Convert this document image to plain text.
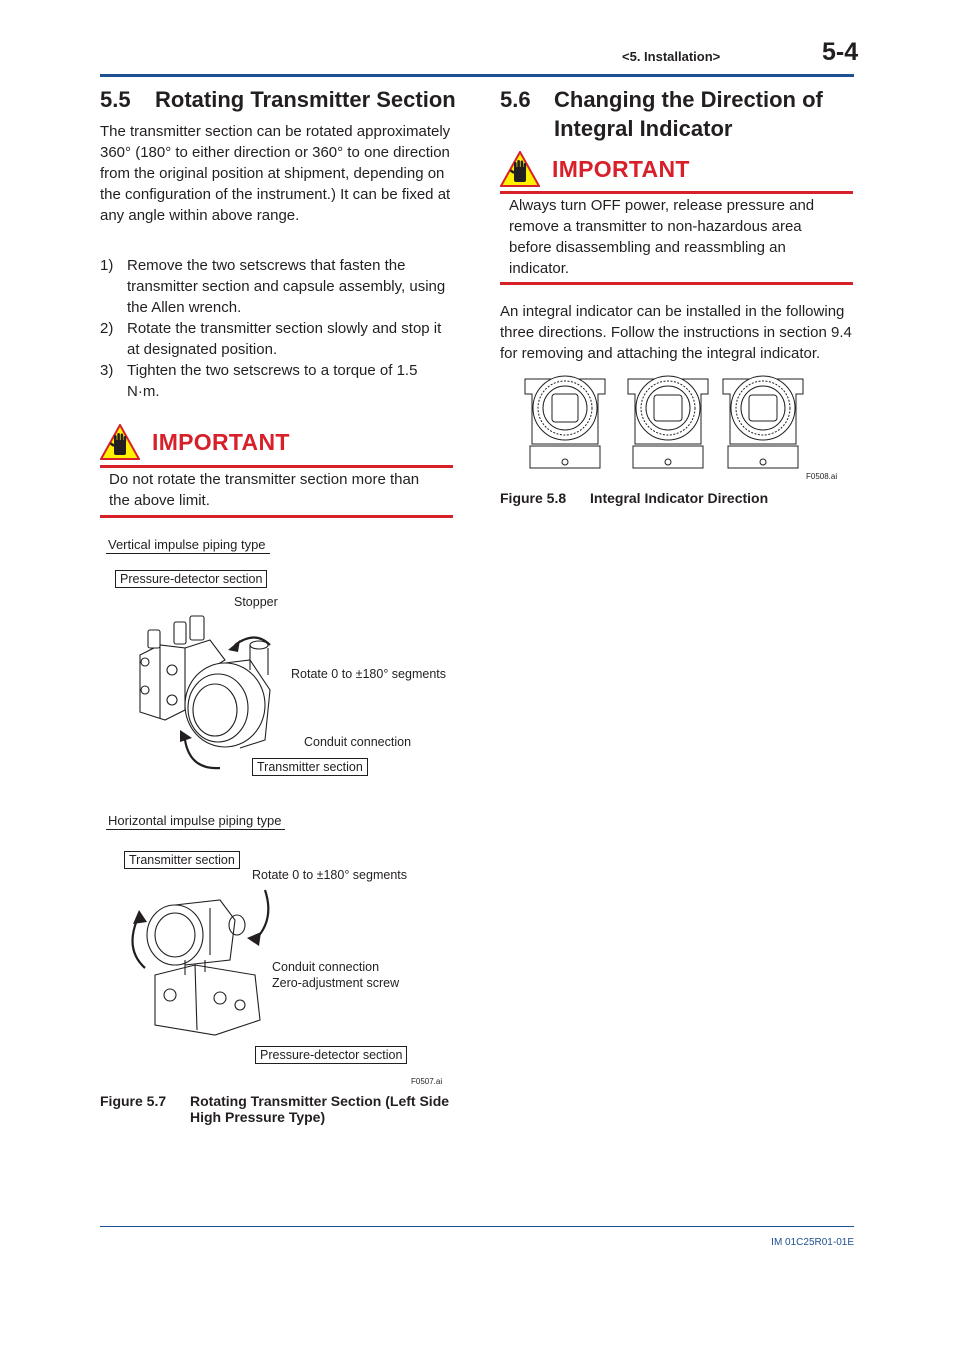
<5. Installation>	5-4
5.5 Rotating Transmitter Section
The transmitter section can be rotated approximately 360° (180° to either direction or 360° to one direction from the original position at shipment, depending on the configuration of the instrument.) It can be fixed at any angle within above range.
1) Remove the two setscrews that fasten the transmitter section and capsule assembly, using the Allen wrench.
2) Rotate the transmitter section slowly and stop it at designated position.
3) Tighten the two setscrews to a torque of 1.5 N·m.
IMPORTANT
Do not rotate the transmitter section more than the above limit.
Vertical impulse piping type
Pressure-detector section
Stopper
Rotate 0 to ±180° segments
Conduit connection
Transmitter section
Horizontal impulse piping type
Transmitter section
Rotate 0 to ±180° segments
Conduit connection
Zero-adjustment screw
Pressure-detector section
F0507.ai
Figure 5.7 Rotating Transmitter Section (Left Side
High Pressure Type)
5.6	Changing the Direction of
Integral Indicator
IMPORTANT
Always turn OFF power, release pressure and remove a transmitter to non-hazardous area before disassembling and reassmbling an indicator.
An integral indicator can be installed in the following three directions. Follow the instructions in section 9.4 for removing and attaching the integral indicator.
F0508.ai
Figure 5.8 Integral Indicator Direction
IM 01C25R01-01E
